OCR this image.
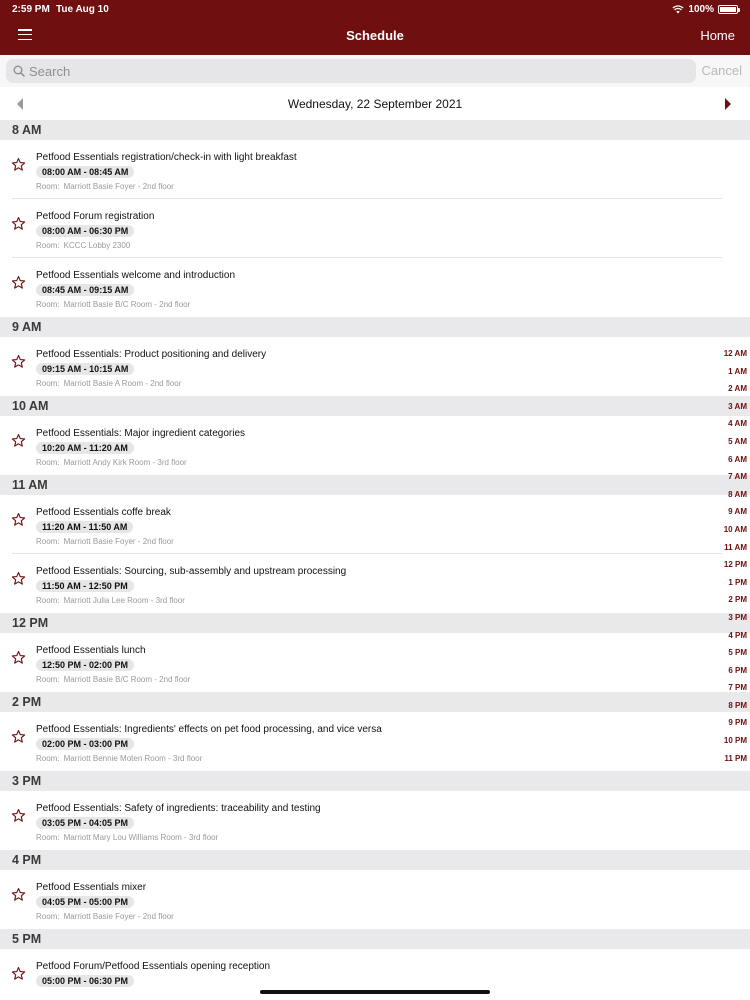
2:59 PM Tue Aug 10	100%
Schedule	Home
Search
Cancel
Wednesday, 22 September 2021
8 AM
Petfood Essentials registration/check-in with light breakfast
08:00 AM - 08:45 AM
Room: Marriott Basie Foyer - 2nd floor
Petfood Forum registration
08:00 AM - 06:30 PM
Room: KCCC Lobby 2300
Petfood Essentials welcome and introduction
08:45 AM - 09:15 AM
Room: Marriott Basie B/C Room - 2nd floor
9 AM
Petfood Essentials: Product positioning and delivery
09:15 AM - 10:15 AM
Room: Marriott Basie A Room - 2nd floor
10 AM
Petfood Essentials: Major ingredient categories
10:20 AM - 11:20 AM
Room: Marriott Andy Kirk Room - 3rd floor
11 AM
Petfood Essentials coffe break
11:20 AM - 11:50 AM
Room: Marriott Basie Foyer - 2nd floor
Petfood Essentials: Sourcing, sub-assembly and upstream processing
11:50 AM - 12:50 PM
Room: Marriott Julia Lee Room - 3rd floor
12 PM
Petfood Essentials lunch
12:50 PM - 02:00 PM
Room: Marriott Basie B/C Room - 2nd floor
2 PM
Petfood Essentials: Ingredients' effects on pet food processing, and vice versa
02:00 PM - 03:00 PM
Room: Marriott Bennie Moten Room - 3rd floor
3 PM
Petfood Essentials: Safety of ingredients: traceability and testing
03:05 PM - 04:05 PM
Room: Marriott Mary Lou Williams Room - 3rd floor
4 PM
Petfood Essentials mixer
04:05 PM - 05:00 PM
Room: Marriott Basie Foyer - 2nd floor
5 PM
Petfood Forum/Petfood Essentials opening reception
05:00 PM - 06:30 PM
12 AM
1 AM
2 AM
3 AM
4 AM
5 AM
6 AM
7 AM
8 AM
9 AM
10 AM
11 AM
12 PM
1 PM
2 PM
3 PM
4 PM
5 PM
6 PM
7 PM
8 PM
9 PM
10 PM
11 PM
